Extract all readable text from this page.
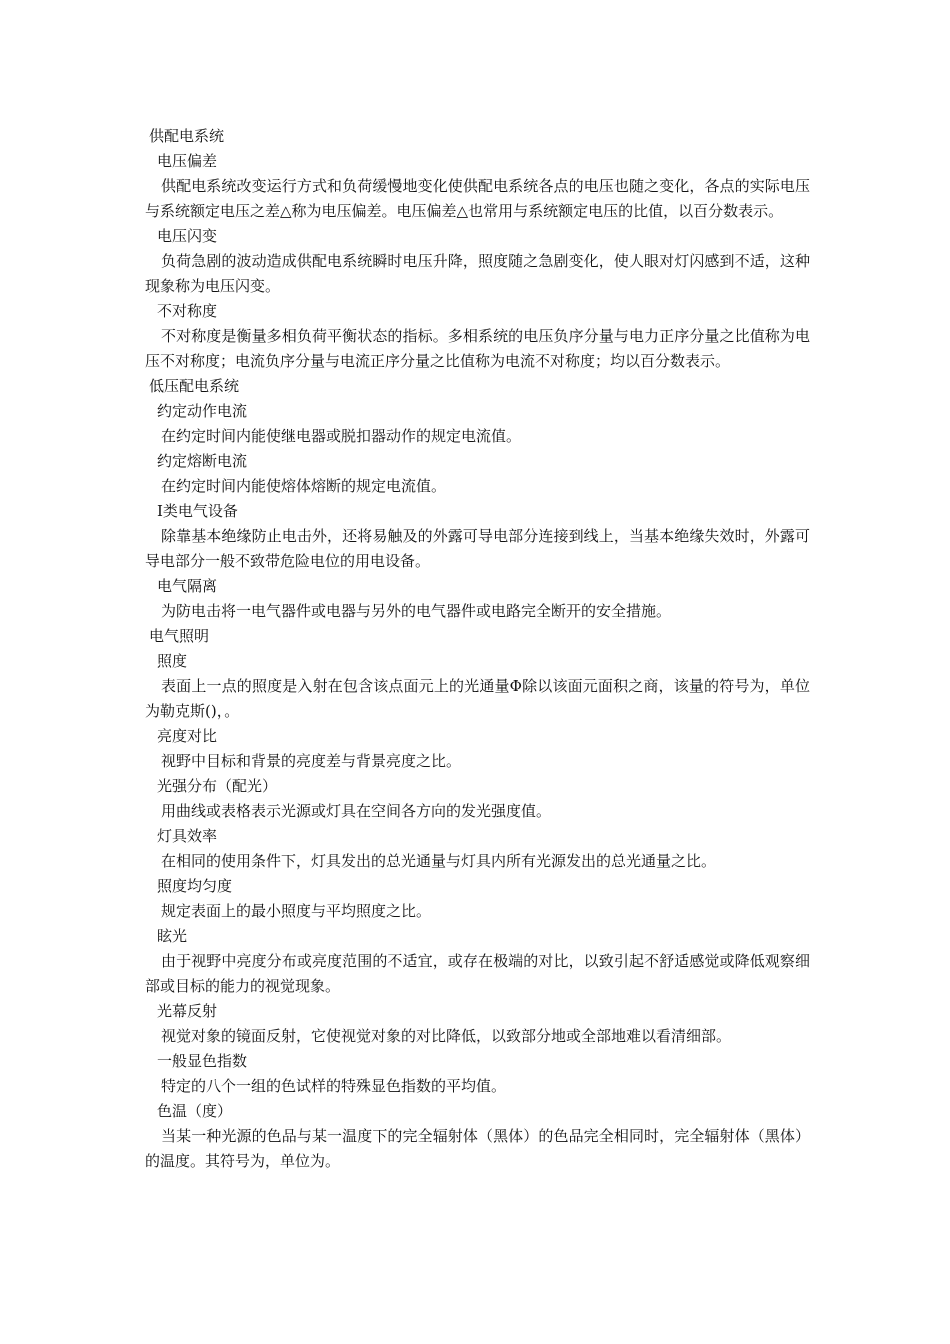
供配电系统

电压偏差

供配电系统改变运行方式和负荷缓慢地变化使供配电系统各点的电压也随之变化，各点的实际电压与系统额定电压之差△称为电压偏差。电压偏差△也常用与系统额定电压的比值，以百分数表示。

电压闪变

负荷急剧的波动造成供配电系统瞬时电压升降，照度随之急剧变化，使人眼对灯闪感到不适，这种现象称为电压闪变。

不对称度

不对称度是衡量多相负荷平衡状态的指标。多相系统的电压负序分量与电力正序分量之比值称为电压不对称度；电流负序分量与电流正序分量之比值称为电流不对称度；均以百分数表示。

低压配电系统

约定动作电流

在约定时间内能使继电器或脱扣器动作的规定电流值。

约定熔断电流

在约定时间内能使熔体熔断的规定电流值。

Ⅰ类电气设备

除靠基本绝缘防止电击外，还将易触及的外露可导电部分连接到线上，当基本绝缘失效时，外露可导电部分一般不致带危险电位的用电设备。

电气隔离

为防电击将一电气器件或电器与另外的电气器件或电路完全断开的安全措施。

电气照明

照度

表面上一点的照度是入射在包含该点面元上的光通量Φ除以该面元面积之商，该量的符号为，单位为勒克斯()，。

亮度对比

视野中目标和背景的亮度差与背景亮度之比。

光强分布（配光）

用曲线或表格表示光源或灯具在空间各方向的发光强度值。

灯具效率

在相同的使用条件下，灯具发出的总光通量与灯具内所有光源发出的总光通量之比。

照度均匀度

规定表面上的最小照度与平均照度之比。

眩光

由于视野中亮度分布或亮度范围的不适宜，或存在极端的对比，以致引起不舒适感觉或降低观察细部或目标的能力的视觉现象。

光幕反射

视觉对象的镜面反射，它使视觉对象的对比降低，以致部分地或全部地难以看清细部。

一般显色指数

特定的八个一组的色试样的特殊显色指数的平均值。

色温（度）

当某一种光源的色品与某一温度下的完全辐射体（黑体）的色品完全相同时，完全辐射体（黑体）的温度。其符号为，单位为。
